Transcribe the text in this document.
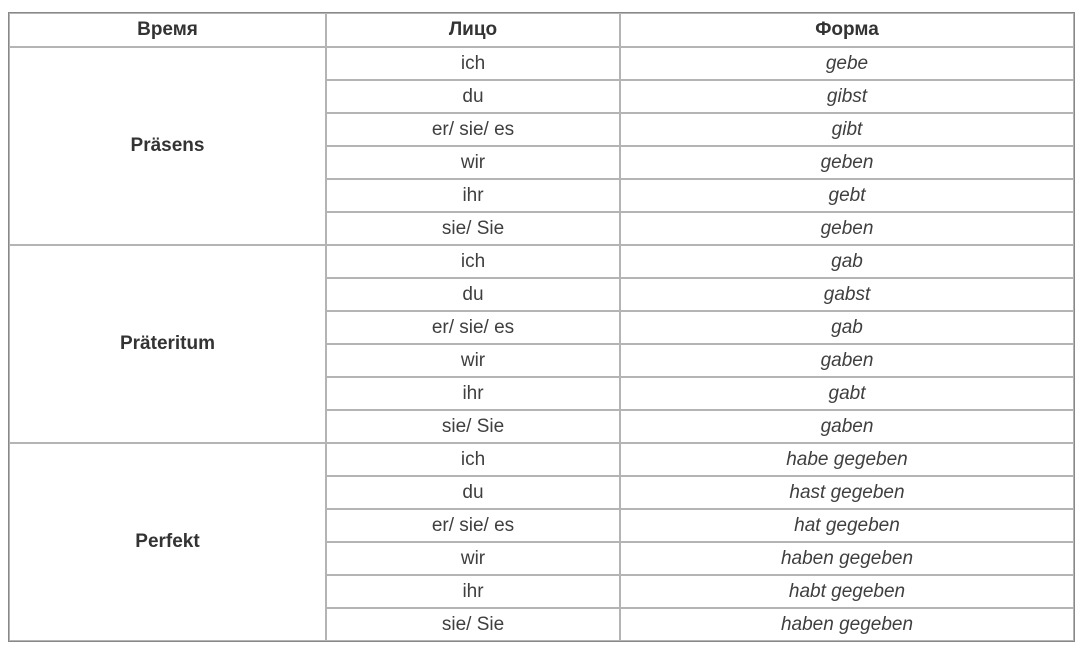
Время	Лицо	Форма
Präsens	ich	gebe
	du	gibst
	er/ sie/ es	gibt
	wir	geben
	ihr	gebt
	sie/ Sie	geben
Präteritum	ich	gab
	du	gabst
	er/ sie/ es	gab
	wir	gaben
	ihr	gabt
	sie/ Sie	gaben
Perfekt	ich	habe gegeben
	du	hast gegeben
	er/ sie/ es	hat gegeben
	wir	haben gegeben
	ihr	habt gegeben
	sie/ Sie	haben gegeben
